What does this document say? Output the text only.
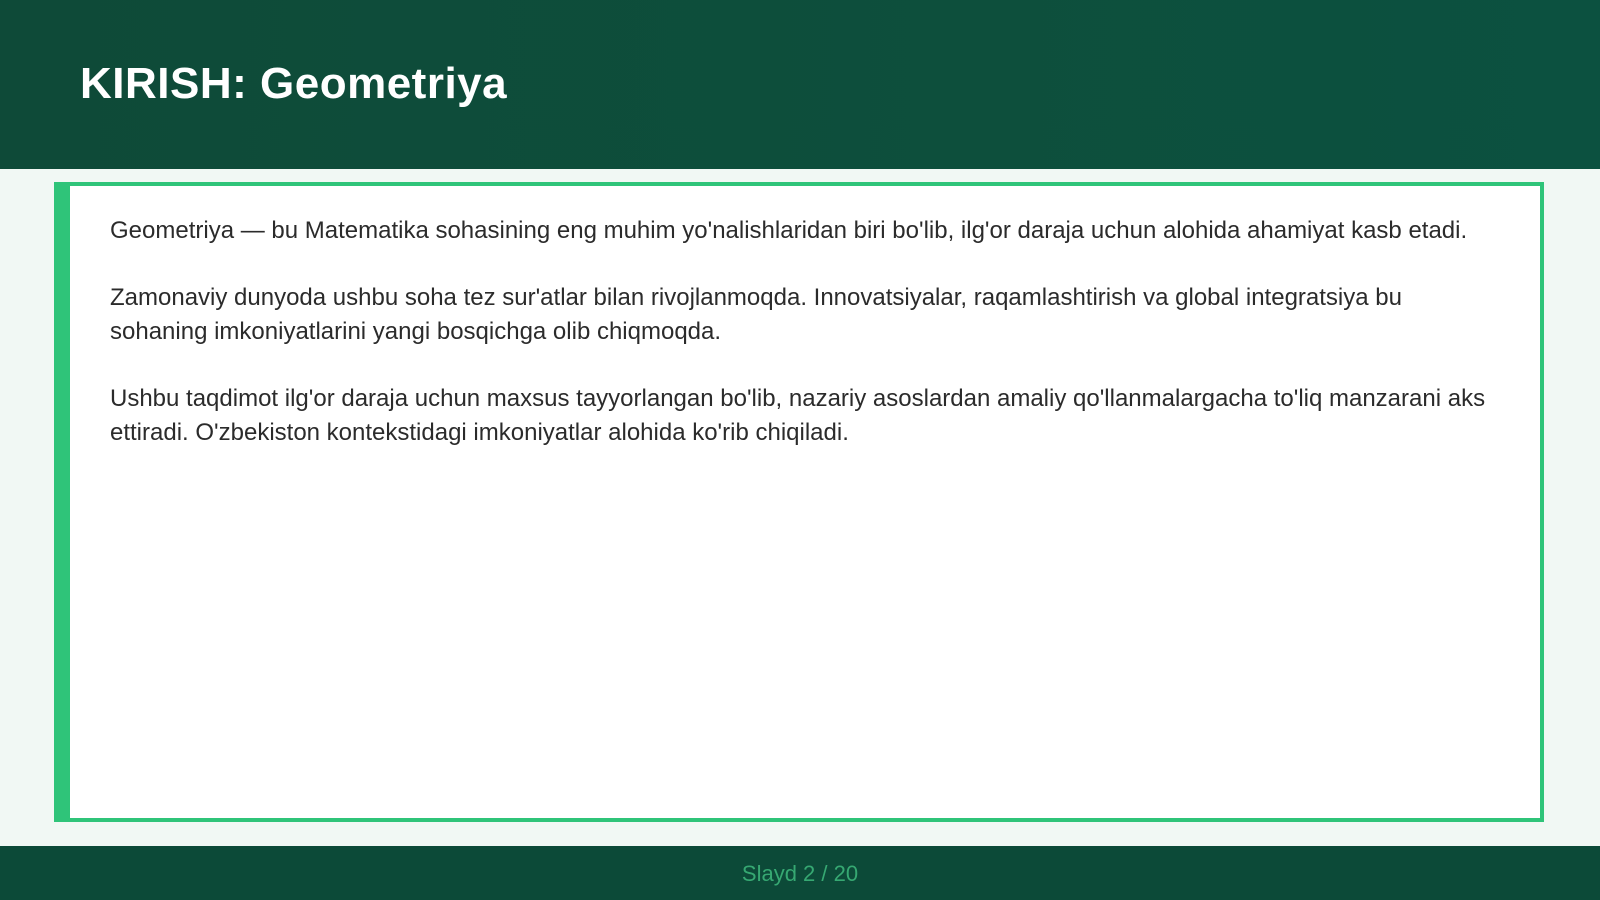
KIRISH: Geometriya

Geometriya — bu Matematika sohasining eng muhim yo'nalishlaridan biri bo'lib, ilg'or daraja uchun alohida ahamiyat kasb etadi.

Zamonaviy dunyoda ushbu soha tez sur'atlar bilan rivojlanmoqda. Innovatsiyalar, raqamlashtirish va global integratsiya bu sohaning imkoniyatlarini yangi bosqichga olib chiqmoqda.

Ushbu taqdimot ilg'or daraja uchun maxsus tayyorlangan bo'lib, nazariy asoslardan amaliy qo'llanmalargacha to'liq manzarani aks ettiradi. O'zbekiston kontekstidagi imkoniyatlar alohida ko'rib chiqiladi.

Slayd 2 / 20
